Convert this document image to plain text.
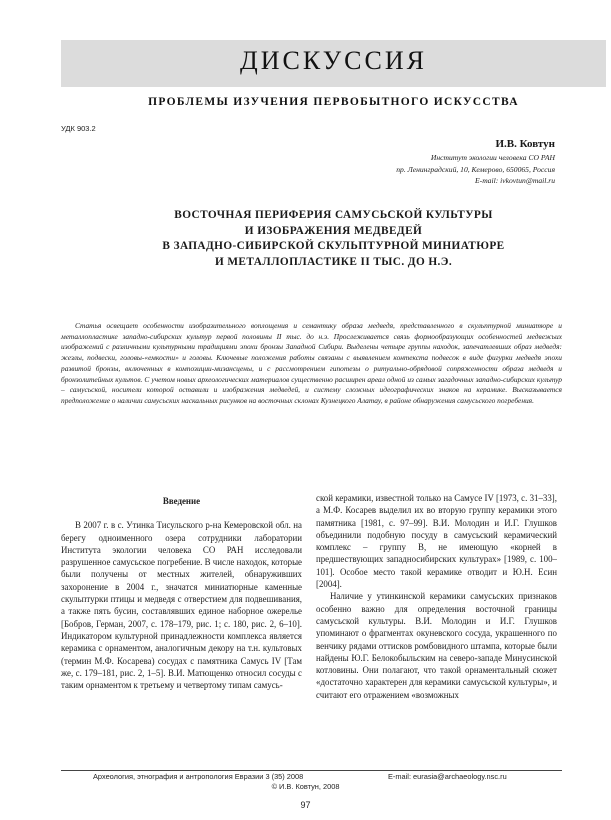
ДИСКУССИЯ
ПРОБЛЕМЫ ИЗУЧЕНИЯ ПЕРВОБЫТНОГО ИСКУССТВА
УДК 903.2
И.В. Ковтун
Институт экологии человека СО РАН
пр. Ленинградский, 10, Кемерово, 650065, Россия
E-mail: ivkovtun@mail.ru
ВОСТОЧНАЯ ПЕРИФЕРИЯ САМУСЬСКОЙ КУЛЬТУРЫ
И ИЗОБРАЖЕНИЯ МЕДВЕДЕЙ
В ЗАПАДНО-СИБИРСКОЙ СКУЛЬПТУРНОЙ МИНИАТЮРЕ
И МЕТАЛЛОПЛАСТИКЕ II ТЫС. ДО Н.Э.
Статья освещает особенности изобразительного воплощения и семантику образа медведя, представленного в скульптурной миниатюре и металлопластике западно-сибирских культур первой половины II тыс. до н.э. Прослеживается связь формообразующих особенностей медвежьих изображений с различными культурными традициями эпохи бронзы Западной Сибири. Выделены четыре группы находок, запечатлевших образ медведя: жезлы, подвески, головы-«емкости» и головы. Ключевые положения работы связаны с выявлением контекста подвесок в виде фигурки медведя эпохи развитой бронзы, включенных в композиции-мизансцены, и с рассмотрением гипотезы о ритуально-обрядовой сопряженности образа медведя и бронзолитейных культов. С учетом новых археологических материалов существенно расширен ареал одной из самых загадочных западно-сибирских культур – самусьской, носители которой оставили и изображения медведей, и систему сложных идеографических знаков на керамике. Высказывается предположение о наличии самусьских наскальных рисунков на восточных склонах Кузнецкого Алатау, в районе обнаружения самусьского погребения.
Введение

В 2007 г. в с. Утинка Тисульского р-на Кемеровской обл. на берегу одноименного озера сотрудники лаборатории Института экологии человека СО РАН исследовали разрушенное самусьское погребение. В числе находок, которые были получены от местных жителей, обнаруживших захоронение в 2004 г., значатся миниатюрные каменные скульптурки птицы и медведя с отверстием для подвешивания, а также пять бусин, составлявших единое наборное ожерелье [Бобров, Герман, 2007, с. 178–179, рис. 1; с. 180, рис. 2, 6–10]. Индикатором культурной принадлежности комплекса является керамика с орнаментом, аналогичным декору на т.н. культовых (термин М.Ф. Косарева) сосудах с памятника Самусь IV [Там же, с. 179–181, рис. 2, 1–5]. В.И. Матющенко относил сосуды с таким орнаментом к третьему и четвертому типам самусь-

ской керамики, известной только на Самусе IV [1973, с. 31–33], а М.Ф. Косарев выделил их во вторую группу керамики этого памятника [1981, с. 97–99]. В.И. Молодин и И.Г. Глушков объединили подобную посуду в самусьский керамический комплекс – группу В, не имеющую «корней в предшествующих западносибирских культурах» [1989, с. 100–101]. Особое место такой керамике отводит и Ю.Н. Есин [2004].

Наличие у утинкинской керамики самусьских признаков особенно важно для определения восточной границы самусьской культуры. В.И. Молодин и И.Г. Глушков упоминают о фрагментах окуневского сосуда, украшенного по венчику рядами оттисков ромбовидного штампа, которые были найдены Ю.Г. Белокобыльским на северо-западе Минусинской котловины. Они полагают, что такой орнаментальный сюжет «достаточно характерен для керамики самусьской культуры», и считают его отражением «возможных

Археология, этнография и антропология Евразии 3 (35) 2008	E-mail: eurasia@archaeology.nsc.ru
© И.В. Ковтун, 2008
97
